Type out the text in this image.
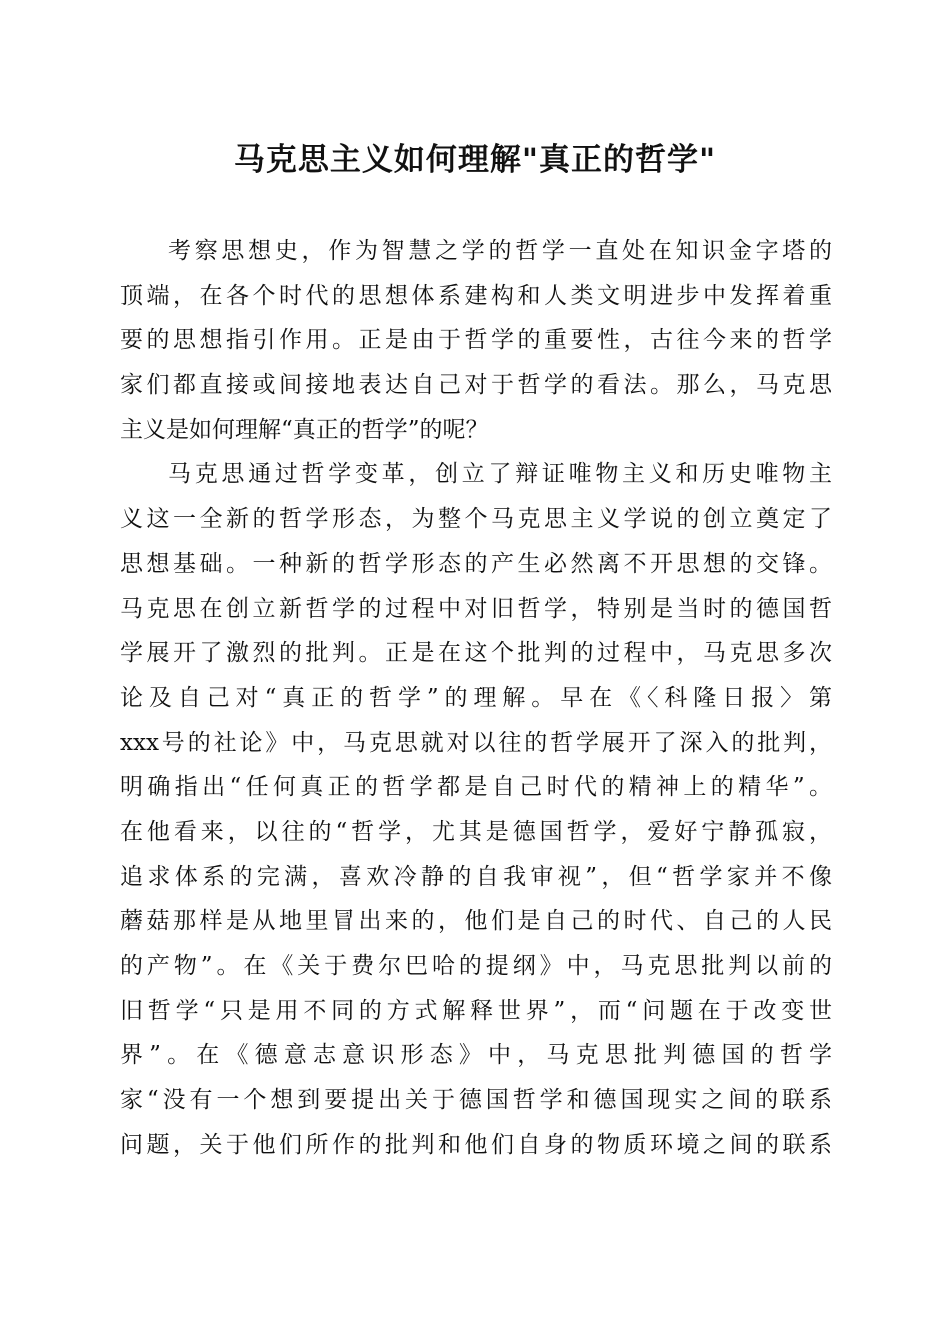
马克思主义如何理解"真正的哲学"
考察思想史，作为智慧之学的哲学一直处在知识金字塔的
顶端，在各个时代的思想体系建构和人类文明进步中发挥着重
要的思想指引作用。正是由于哲学的重要性，古往今来的哲学
家们都直接或间接地表达自己对于哲学的看法。那么，马克思
主义是如何理解“真正的哲学”的呢？
马克思通过哲学变革，创立了辩证唯物主义和历史唯物主
义这一全新的哲学形态，为整个马克思主义学说的创立奠定了
思想基础。一种新的哲学形态的产生必然离不开思想的交锋。
马克思在创立新哲学的过程中对旧哲学，特别是当时的德国哲
学展开了激烈的批判。正是在这个批判的过程中，马克思多次
论及自己对“真正的哲学”的理解。早在《〈科隆日报〉第
xxx号的社论》中，马克思就对以往的哲学展开了深入的批判，
明确指出“任何真正的哲学都是自己时代的精神上的精华”。
在他看来，以往的“哲学，尤其是德国哲学，爱好宁静孤寂，
追求体系的完满，喜欢冷静的自我审视”，但“哲学家并不像
蘑菇那样是从地里冒出来的，他们是自己的时代、自己的人民
的产物”。在《关于费尔巴哈的提纲》中，马克思批判以前的
旧哲学“只是用不同的方式解释世界”，而“问题在于改变世
界”。在《德意志意识形态》中，马克思批判德国的哲学
家“没有一个想到要提出关于德国哲学和德国现实之间的联系
问题，关于他们所作的批判和他们自身的物质环境之间的联系
